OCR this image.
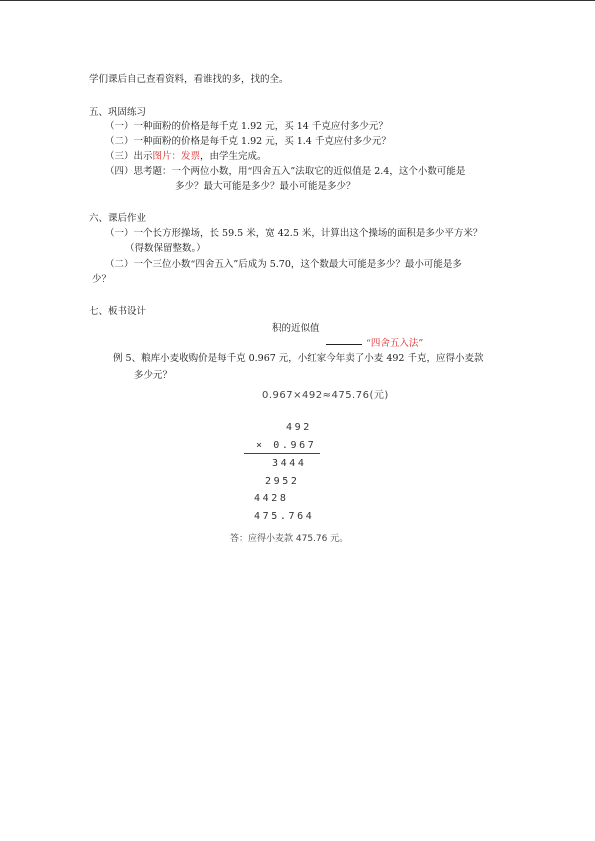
学们课后自己查看资料，看谁找的多，找的全。
五、巩固练习
（一）一种面粉的价格是每千克 1.92 元，买 14 千克应付多少元？
（二）一种面粉的价格是每千克 1.92 元，买 1.4 千克应付多少元？
（三）出示图片：发票，由学生完成。
（四）思考题：一个两位小数，用“四舍五入”法取它的近似值是 2.4，这个小数可能是
多少？最大可能是多少？最小可能是多少？
六、课后作业
（一）一个长方形操场，长 59.5 米，宽 42.5 米，计算出这个操场的面积是多少平方米？
（得数保留整数。）
（二）一个三位小数“四舍五入”后成为 5.70，这个数最大可能是多少？最小可能是多
少？
七、板书设计
积的近似值
“四舍五入法”
例 5、粮库小麦收购价是每千克 0.967 元，小红家今年卖了小麦 492 千克，应得小麦款
多少元？
0.967×492≈475.76(元)
492
× 0.967
3444
2952
4428
475.764
答：应得小麦款 475.76 元。
